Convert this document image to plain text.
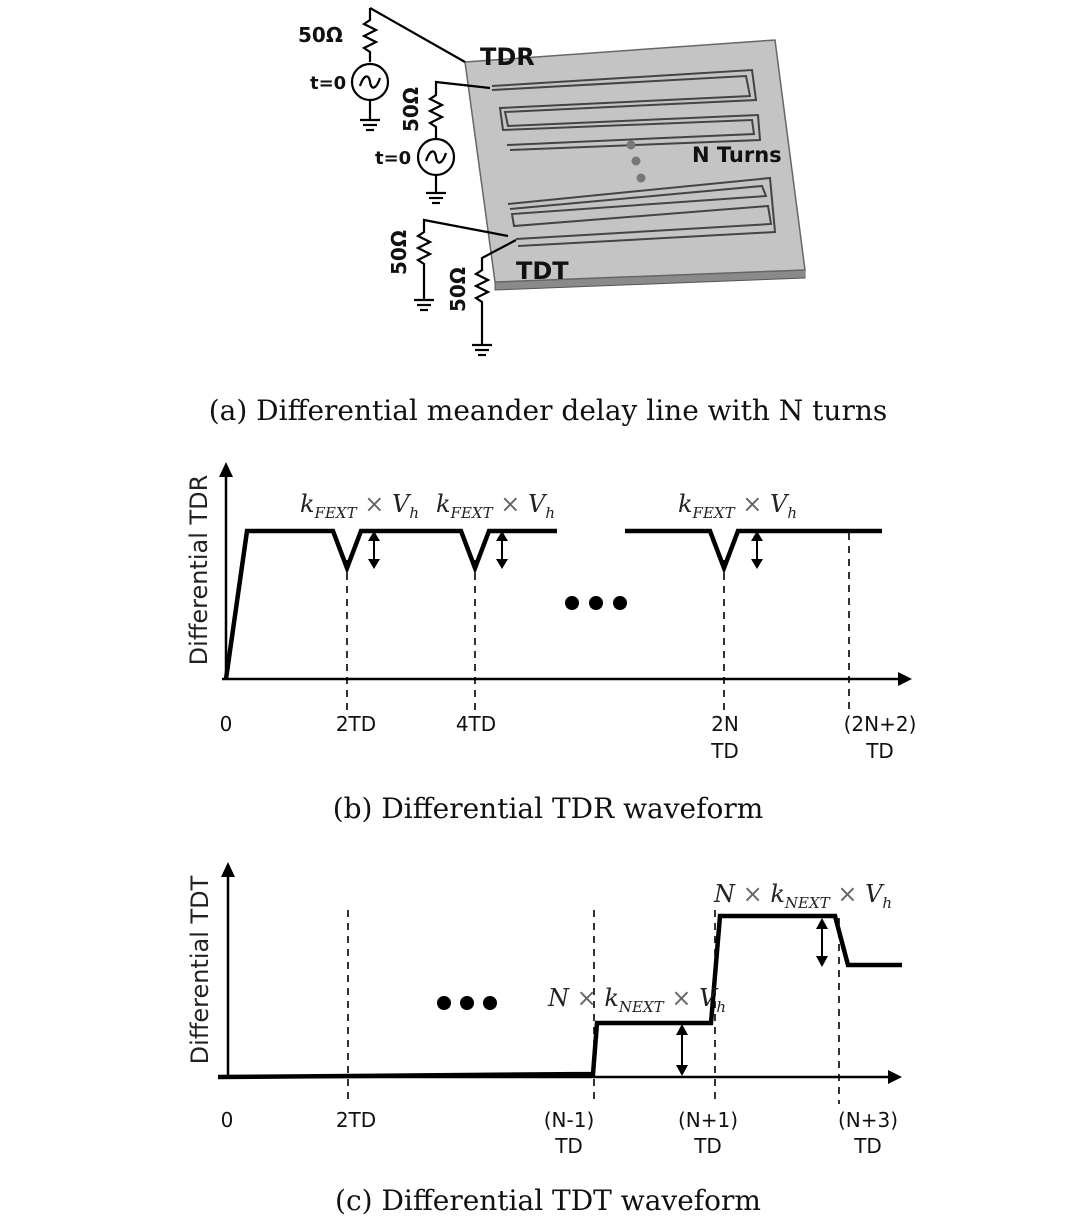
TDR
TDT
N Turns
50Ω
t=0
50Ω
t=0
50Ω
50Ω
(a) Differential meander delay line with N turns
Differential TDR	$k_{FEXT} \times V_h$ $k_{FEXT} \times V_h$	$k_{FEXT} \times V_h$
0	2TD	4TD	2N
TD
(2N+2)
TD
(b) Differential TDR waveform
Differential TDT	$N \times k_{NEXT} \times V_h$
$N \times k_{NEXT} \times V_h$
0	2TD	(N-1)
TD
(N+1)
TD
(N+3)
TD
(c) Differential TDT waveform
